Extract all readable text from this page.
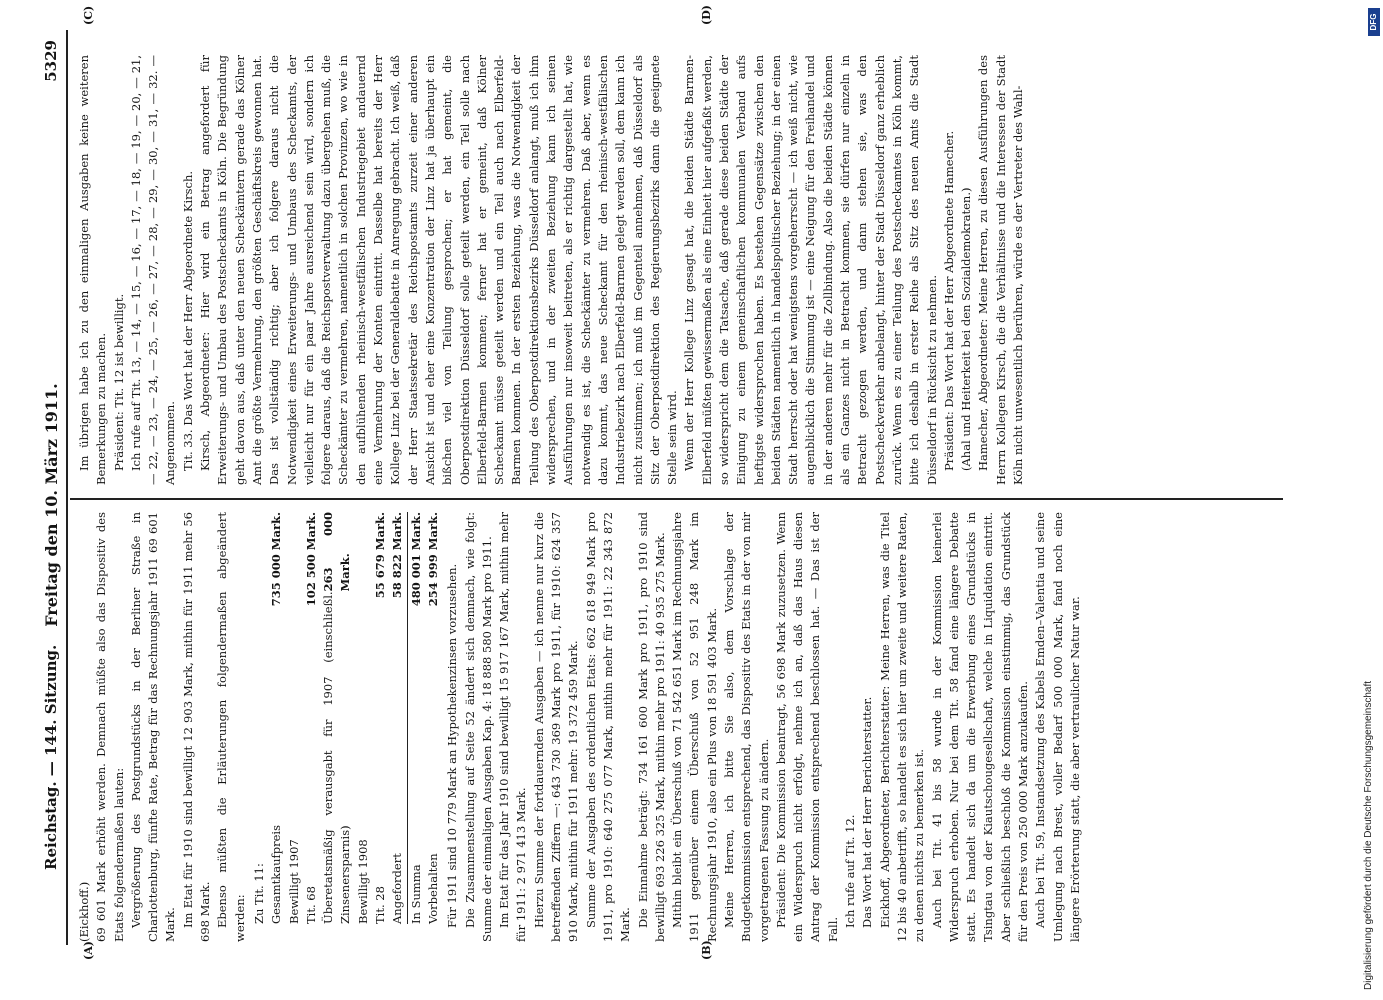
Reichstag. — 144. Sitzung.
Freitag den 10. März 1911.
5329
(A)	(B)
(C)	(D)

(Eickhoff.) 69 601 Mark erhöht werden. Demnach müßte also das Dispositiv des Etats folgendermaßen lauten: Vergrößerung des Postgrundstücks in der Berliner Straße in Charlottenburg, fünfte Rate, Betrag für das Rechnungsjahr 1911 69 601 Mark. Im Etat für 1910 sind bewilligt 12 903 Mark, mithin für 1911 mehr 56 698 Mark. Ebenso müßten die Erläuterungen folgendermaßen abgeändert werden: Zu Tit. 11: Gesamtkaufpreis
735 000 Mark.
Bewilligt 1907 Tit. 68
102 500 Mark.
Überetatsmäßig verausgabt für 1907 (einschließl. Zinsenersparnis)
263 000 Mark.
Bewilligt 1908 Tit. 28
55 679 Mark.
Angefordert
58 822 Mark.
In Summa
480 001 Mark.
Vorbehalten
254 999 Mark.

Für 1911 sind 10 779 Mark an Hypothekenzinsen vorzusehen. Die Zusammenstellung auf Seite 52 ändert sich demnach, wie folgt: Summe der einmaligen Ausgaben Kap. 4: 18 888 580 Mark pro 1911. Im Etat für das Jahr 1910 sind bewilligt 15 917 167 Mark, mithin mehr für 1911: 2 971 413 Mark. Hierzu Summe der fortdauernden Ausgaben — ich nenne nur kurz die betreffenden Ziffern —: 643 730 369 Mark pro 1911, für 1910: 624 357 910 Mark, mithin für 1911 mehr: 19 372 459 Mark. Summe der Ausgaben des ordentlichen Etats: 662 618 949 Mark pro 1911, pro 1910: 640 275 077 Mark, mithin mehr für 1911: 22 343 872 Mark. Die Einnahme beträgt: 734 161 600 Mark pro 1911, pro 1910 sind bewilligt 693 226 325 Mark, mithin mehr pro 1911: 40 935 275 Mark. Mithin bleibt ein Überschuß von 71 542 651 Mark im Rechnungsjahre 1911 gegenüber einem Überschuß von 52 951 248 Mark im Rechnungsjahr 1910, also ein Plus von 18 591 403 Mark. Meine Herren, ich bitte Sie also, dem Vorschlage der Budgetkommission entsprechend, das Dispositiv des Etats in der von mir vorgetragenen Fassung zu ändern. Präsident: Die Kommission beantragt, 56 698 Mark zuzusetzen. Wenn ein Widerspruch nicht erfolgt, nehme ich an, daß das Haus diesen Antrag der Kommission entsprechend beschlossen hat. — Das ist der Fall.

Ich rufe auf Tit. 12. Das Wort hat der Herr Berichterstatter. Eickhoff, Abgeordneter, Berichterstatter: Meine Herren, was die Titel 12 bis 40 anbetrifft, so handelt es sich hier um zweite und weitere Raten, zu denen nichts zu bemerken ist. Auch bei Tit. 41 bis 58 wurde in der Kommission keinerlei Widerspruch erhoben. Nur bei dem Tit. 58 fand eine längere Debatte statt. Es handelt sich da um die Erwerbung eines Grundstücks in Tsingtau von der Kiautschougesellschaft, welche in Liquidation eintritt. Aber schließlich beschloß die Kommission einstimmig, das Grundstück für den Preis von 250 000 Mark anzukaufen. Auch bei Tit. 59, Instandsetzung des Kabels Emden–Valentia und seine Umlegung nach Brest, voller Bedarf 500 000 Mark, fand noch eine längere Erörterung statt, die aber vertraulicher Natur war.

Im übrigen habe ich zu den einmaligen Ausgaben keine weiteren Bemerkungen zu machen. Präsident: Tit. 12 ist bewilligt. Ich rufe auf Tit. 13, — 14, — 15, — 16, — 17, — 18, — 19, — 20, — 21, — 22, — 23, — 24, — 25, — 26, — 27, — 28, — 29, — 30, — 31, — 32. — Angenommen. Tit. 33. Das Wort hat der Herr Abgeordnete Kirsch. Kirsch, Abgeordneter: Hier wird ein Betrag angefordert für Erweiterungs- und Umbau des Postscheckamts in Köln. Die Begründung geht davon aus, daß unter den neuen Scheckämtern gerade das Kölner Amt die größte Vermehrung, den größten Geschäftskreis gewonnen hat. Das ist vollständig richtig; aber ich folgere daraus nicht die Notwendigkeit eines Erweiterungs- und Umbaus des Scheckamts, der vielleicht nur für ein paar Jahre ausreichend sein wird, sondern ich folgere daraus, daß die Reichspostverwaltung dazu übergehen muß, die Scheckämter zu vermehren, namentlich in solchen Provinzen, wo wie in den aufblühenden rheinisch-westfälischen Industriegebiet andauernd eine Vermehrung der Konten eintritt. Dasselbe hat bereits der Herr Kollege Linz bei der Generaldebatte in Anregung gebracht. Ich weiß, daß der Herr Staatssekretär des Reichspostamts zurzeit einer anderen Ansicht ist und eher eine Konzentration der Linz hat ja überhaupt ein bißchen viel von Teilung gesprochen; er hat gemeint, die Oberpostdirektion Düsseldorf solle geteilt werden, ein Teil solle nach Elberfeld-Barmen kommen; ferner hat er gemeint, daß Kölner Scheckamt müsse geteilt werden und ein Teil auch nach Elberfeld-Barmen kommen. In der ersten Beziehung, was die Notwendigkeit der Teilung des Oberpostdirektionsbezirks Düsseldorf anlangt, muß ich ihm widersprechen, und in der zweiten Beziehung kann ich seinen Ausführungen nur insoweit beitreten, als er richtig dargestellt hat, wie notwendig es ist, die Scheckämter zu vermehren. Daß aber, wenn es dazu kommt, das neue Scheckamt für den rheinisch-westfälischen Industriebezirk nach Elberfeld-Barmen gelegt werden soll, dem kann ich nicht zustimmen; ich muß im Gegenteil annehmen, daß Düsseldorf als Sitz der Oberpostdirektion des Regierungsbezirks dann die geeignete Stelle sein wird. Wenn der Herr Kollege Linz gesagt hat, die beiden Städte Barmen-Elberfeld müßten gewissermaßen als eine Einheit hier aufgefaßt werden, so widerspricht dem die Tatsache, daß gerade diese beiden Städte der Einigung zu einem gemeinschaftlichen kommunalen Verband aufs heftigste widersprochen haben. Es bestehen Gegensätze zwischen den beiden Städten namentlich in handelspolitischer Beziehung; in der einen Stadt herrscht oder hat wenigstens vorgeherrscht — ich weiß nicht, wie augenblicklich die Stimmung ist — eine Neigung für den Freihandel und in der anderen mehr für die Zollbindung. Also die beiden Städte können als ein Ganzes nicht in Betracht kommen, sie dürfen nur einzeln in Betracht gezogen werden, und dann stehen sie, was den Postscheckverkehr anbelangt, hinter der Stadt Düsseldorf ganz erheblich zurück. Wenn es zu einer Teilung des Postscheckamtes in Köln kommt, bitte ich deshalb in erster Reihe als Sitz des neuen Amts die Stadt Düsseldorf in Rücksicht zu nehmen. Präsident: Das Wort hat der Herr Abgeordnete Hamecher. (Ahal und Heiterkeit bei den Sozialdemokraten.) Hamecher, Abgeordneter: Meine Herren, zu diesen Ausführungen des Herrn Kollegen Kirsch, die die Verhältnisse und die Interessen der Stadt Köln nicht unwesentlich berühren, würde es der Vertreter des Wahl-

Digitalisierung gefördert durch die Deutsche Forschungsgemeinschaft
DFG
